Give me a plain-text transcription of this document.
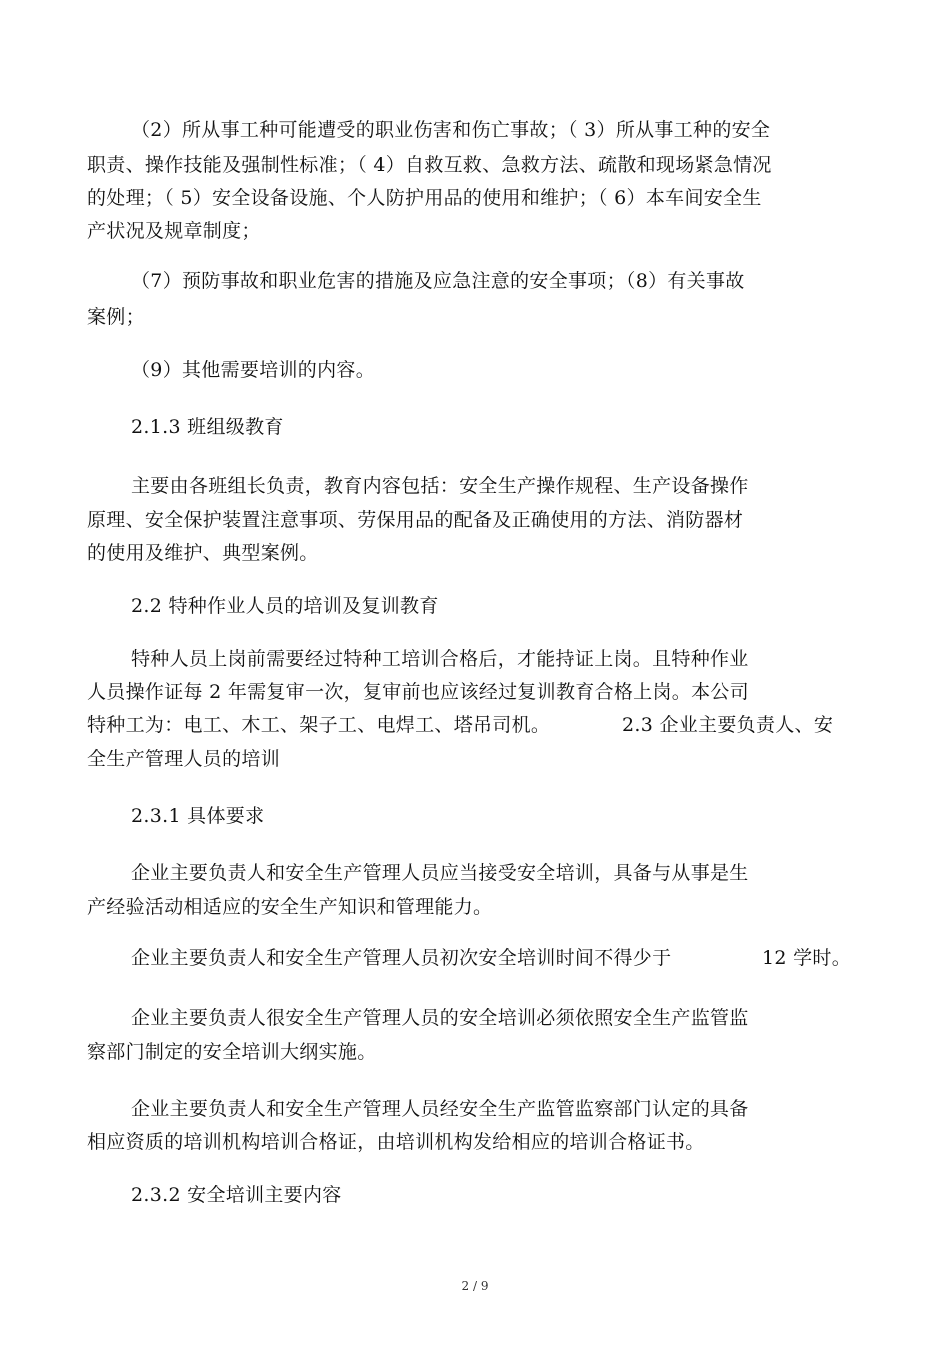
（2）所从事工种可能遭受的职业伤害和伤亡事故；（ 3）所从事工种的安全
职责、操作技能及强制性标准；（ 4）自救互救、急救方法、疏散和现场紧急情况
的处理；（ 5）安全设备设施、个人防护用品的使用和维护；（ 6）本车间安全生
产状况及规章制度；
（7）预防事故和职业危害的措施及应急注意的安全事项；（8）有关事故
案例；
（9）其他需要培训的内容。
2.1.3 班组级教育
主要由各班组长负责，教育内容包括：安全生产操作规程、生产设备操作
原理、安全保护装置注意事项、劳保用品的配备及正确使用的方法、消防器材
的使用及维护、典型案例。
2.2 特种作业人员的培训及复训教育
特种人员上岗前需要经过特种工培训合格后，才能持证上岗。且特种作业
人员操作证每 2 年需复审一次，复审前也应该经过复训教育合格上岗。本公司
特种工为：电工、木工、架子工、电焊工、塔吊司机。	2.3 企业主要负责人、安
全生产管理人员的培训
2.3.1 具体要求
企业主要负责人和安全生产管理人员应当接受安全培训，具备与从事是生
产经验活动相适应的安全生产知识和管理能力。
企业主要负责人和安全生产管理人员初次安全培训时间不得少于	12 学时。
企业主要负责人很安全生产管理人员的安全培训必须依照安全生产监管监
察部门制定的安全培训大纲实施。
企业主要负责人和安全生产管理人员经安全生产监管监察部门认定的具备
相应资质的培训机构培训合格证，由培训机构发给相应的培训合格证书。
2.3.2 安全培训主要内容
2 / 9
